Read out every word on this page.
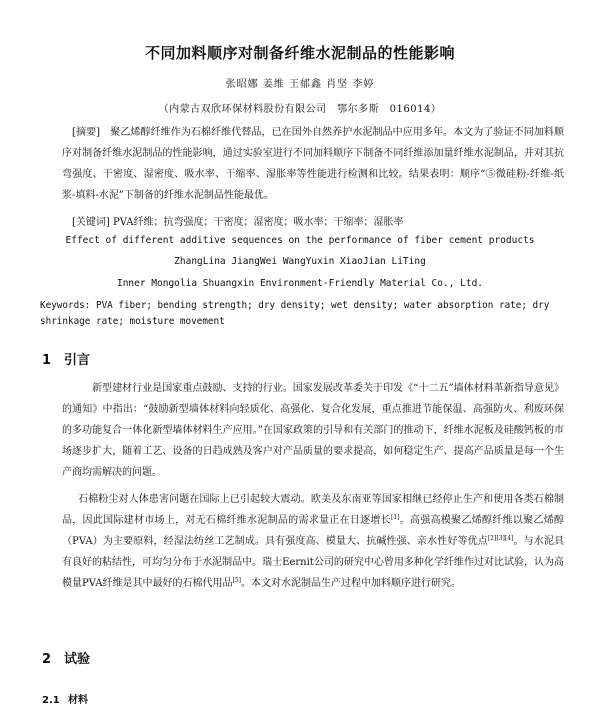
不同加料顺序对制备纤维水泥制品的性能影响
张昭娜 姜维 王郁鑫 肖坚 李婷
（内蒙古双欣环保材料股份有限公司　鄂尔多斯　016014）
[摘要]　聚乙烯醇纤维作为石棉纤维代替品，已在国外自然养护水泥制品中应用多年。本文为了验证不同加料顺序对制备纤维水泥制品的性能影响，通过实验室进行不同加料顺序下制备不同纤维添加量纤维水泥制品，并对其抗弯强度、干密度、湿密度、吸水率、干缩率、湿胀率等性能进行检测和比较。结果表明：顺序“⑤微硅粉-纤维-纸浆-填料-水泥”下制备的纤维水泥制品性能最优。
[关键词] PVA纤维；抗弯强度；干密度；湿密度；吸水率；干缩率；湿胀率
Effect of different additive sequences on the performance of fiber cement products
ZhangLina JiangWei WangYuxin XiaoJian LiTing
Inner Mongolia Shuangxin Environment-Friendly Material Co., Ltd.
Keywords: PVA fiber; bending strength; dry density; wet density; water absorption rate; dry shrinkage rate; moisture movement
1 引言
新型建材行业是国家重点鼓励、支持的行业。国家发展改革委关于印发《“十二五”墙体材料革新指导意见》的通知》中指出：“鼓励新型墙体材料向轻质化、高强化、复合化发展，重点推进节能保温、高强防火、利废环保的多功能复合一体化新型墙体材料生产应用。”在国家政策的引导和有关部门的推动下，纤维水泥板及硅酸钙板的市场逐步扩大，随着工艺、设备的日趋成熟及客户对产品质量的要求提高，如何稳定生产、提高产品质量是每一个生产商均需解决的问题。
石棉粉尘对人体患害问题在国际上已引起较大震动。欧美及东南亚等国家相继已经停止生产和使用各类石棉制品，因此国际建材市场上，对无石棉纤维水泥制品的需求量正在日逐增长[1]。高强高模聚乙烯醇纤维以聚乙烯醇（PVA）为主要原料，经湿法纺丝工艺制成。具有强度高、模量大、抗碱性强、亲水性好等优点[2][3][4]。与水泥具有良好的粘结性，可均匀分布于水泥制品中。瑞士Eernit公司的研究中心曾用多种化学纤维作过对比试验，认为高模量PVA纤维是其中最好的石棉代用品[5]。本文对水泥制品生产过程中加料顺序进行研究。
2 试验
2.1 材料
